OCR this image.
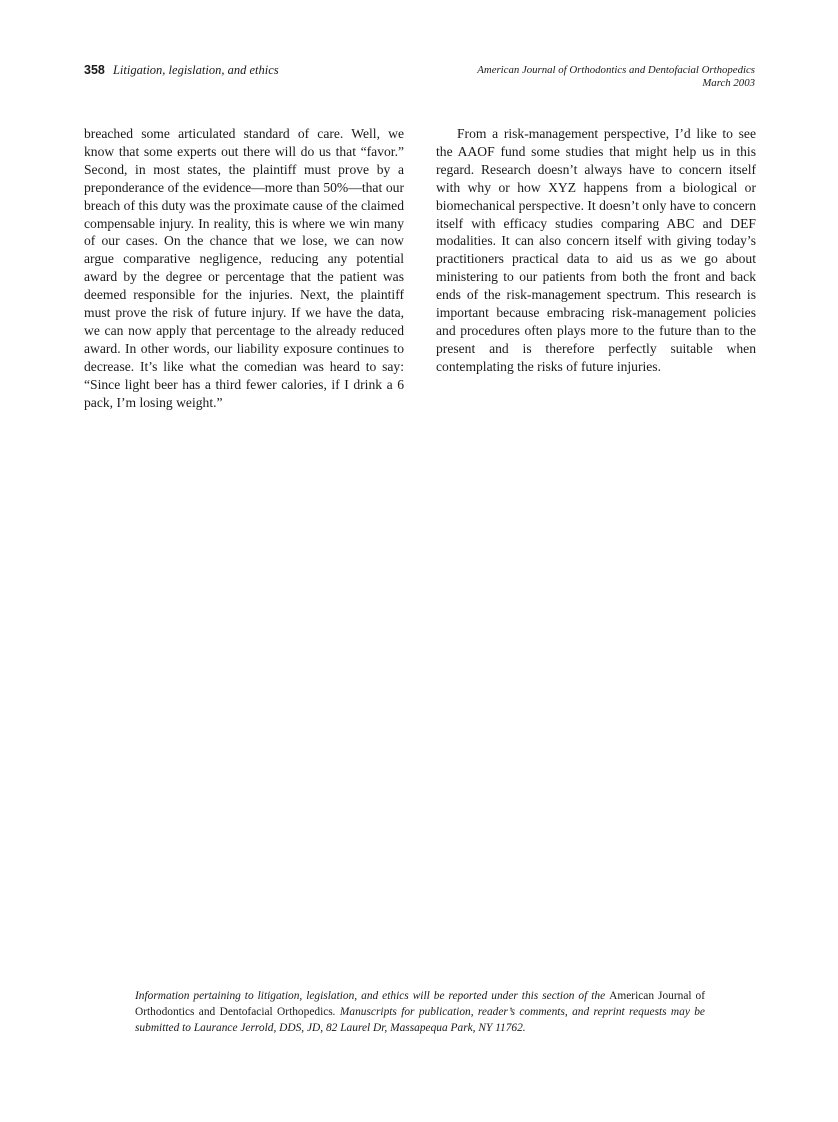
358 Litigation, legislation, and ethics	American Journal of Orthodontics and Dentofacial Orthopedics
March 2003

breached some articulated standard of care. Well, we know that some experts out there will do us that “favor.” Second, in most states, the plaintiff must prove by a preponderance of the evidence—more than 50%—that our breach of this duty was the proximate cause of the claimed compensable injury. In reality, this is where we win many of our cases. On the chance that we lose, we can now argue comparative negligence, reducing any potential award by the degree or percentage that the patient was deemed responsible for the injuries. Next, the plaintiff must prove the risk of future injury. If we have the data, we can now apply that percentage to the already reduced award. In other words, our liability exposure continues to decrease. It’s like what the comedian was heard to say: “Since light beer has a third fewer calories, if I drink a 6 pack, I’m losing weight.”

From a risk-management perspective, I’d like to see the AAOF fund some studies that might help us in this regard. Research doesn’t always have to concern itself with why or how XYZ happens from a biological or biomechanical perspective. It doesn’t only have to concern itself with efficacy studies comparing ABC and DEF modalities. It can also concern itself with giving today’s practitioners practical data to aid us as we go about ministering to our patients from both the front and back ends of the risk-management spectrum. This research is important because embracing risk-management policies and procedures often plays more to the future than to the present and is therefore perfectly suitable when contemplating the risks of future injuries.

Information pertaining to litigation, legislation, and ethics will be reported under this section of the American Journal of Orthodontics and Dentofacial Orthopedics. Manuscripts for publication, reader’s comments, and reprint requests may be submitted to Laurance Jerrold, DDS, JD, 82 Laurel Dr, Massapequa Park, NY 11762.
